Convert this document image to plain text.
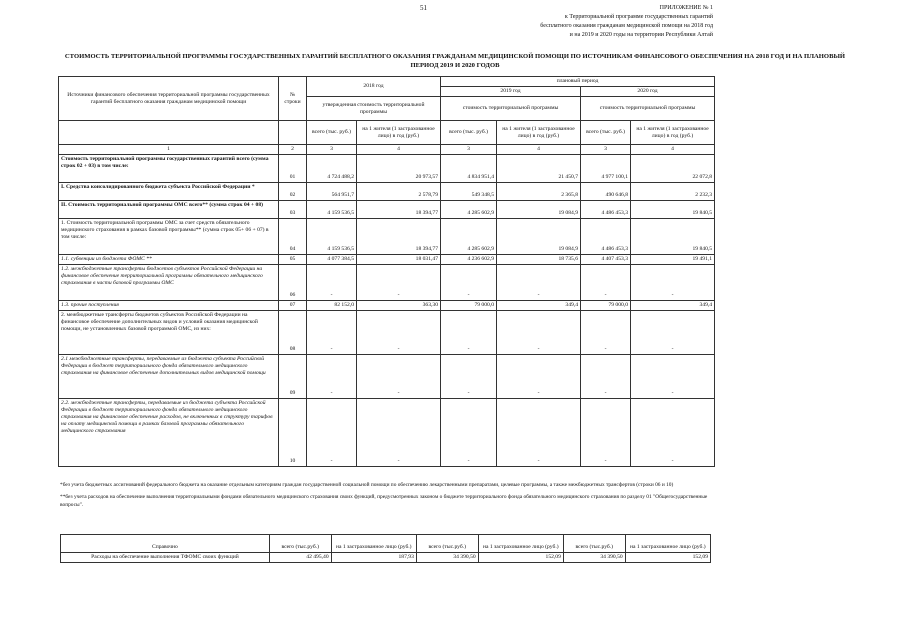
51	ПРИЛОЖЕНИЕ № 1
к Территориальной программе государственных гарантий
бесплатного оказания гражданам медицинской помощи на 2018 год
и на 2019 и 2020 годы на территории Республики Алтай
СТОИМОСТЬ ТЕРРИТОРИАЛЬНОЙ ПРОГРАММЫ ГОСУДАРСТВЕННЫХ ГАРАНТИЙ БЕСПЛАТНОГО ОКАЗАНИЯ ГРАЖДАНАМ МЕДИЦИНСКОЙ ПОМОЩИ ПО ИСТОЧНИКАМ ФИНАНСОВОГО ОБЕСПЕЧЕНИЯ НА 2018 ГОД И НА ПЛАНОВЫЙ ПЕРИОД 2019 И 2020 ГОДОВ
Источники финансового обеспечения территориальной программы государственных гарантий бесплатного оказания гражданам медицинской помощи	№ строки	2018 год		плановый период			
				2019 год		2020 год	
		утвержденная стоимость территориальной программы		стоимость территориальной программы		стоимость территориальной программы	
		всего (тыс. руб.)	на 1 жителя (1 застрахованное лицо) в год (руб.)	всего (тыс. руб.)	на 1 жителя (1 застрахованное лицо) в год (руб.)	всего (тыс. руб.)	на 1 жителя (1 застрахованное лицо) в год (руб.)
1	2	3	4	3	4	3	4
Стоимость территориальной программы государственных гарантий всего (сумма строк 02 + 03) в том числе:	01	4 724 488,2	20 973,57	4 834 951,4	21 450,7	4 977 100,1	22 072,8
I. Средства консолидированного бюджета субъекта Российской Федерации *	02	564 951,7	2 578,79	549 348,5	2 365,8	490 646,8	2 232,3
II. Стоимость территориальной программы ОМС всего** (сумма строк 04 + 08)	03	4 159 536,5	18 394,77	4 285 602,9	19 084,9	4 486 453,3	19 840,5
1. Стоимость территориальной программы ОМС за счет средств обязательного медицинского страхования в рамках базовой программы** (сумма строк 05+ 06 + 07) в том числе:	04	4 159 536,5	18 394,77	4 285 602,9	19 084,9	4 486 453,3	19 840,5
1.1. субвенции из бюджета ФОМС **	05	4 077 384,5	18 031,47	4 236 602,9	18 735,6	4 407 453,3	19 491,1
1.2. межбюджетные трансферты бюджетов субъектов Российской Федерации на финансовое обеспечение территориальной программы обязательного медицинского страхования в части базовой программы ОМС	06	-	-	-	-	-	-
1.3. прочие поступления	07	82 152,0	363,30	79 000,0	349,4	79 000,0	349,4
2. межбюджетные трансферты бюджетов субъектов Российской Федерации на финансовое обеспечение дополнительных видов и условий оказания медицинской помощи, не установленных базовой программой ОМС, из них:	08	-	-	-	-	-	-
2.1 межбюджетные трансферты, передаваемые из бюджета субъекта Российской Федерации в бюджет территориального фонда обязательного медицинского страхования на финансовое обеспечение дополнительных видов медицинской помощи	09	-	-	-	-	-	-
2.2. межбюджетные трансферты, передаваемые из бюджета субъекта Российской Федерации в бюджет территориального фонда обязательного медицинского страхования на финансовое обеспечение расходов, не включенных в структуру тарифов на оплату медицинской помощи в рамках базовой программы обязательного медицинского страхования	10	-	-	-	-	-	-

*без учета бюджетных ассигнований федерального бюджета на оказание отдельным категориям граждан государственной социальной помощи по обеспечению лекарственными препаратами, целевые программы, а также межбюджетных трансфертов (строки 06 и 10)

**без учета расходов на обеспечение выполнения территориальными фондами обязательного медицинского страхования своих функций, предусмотренных законом о бюджете территориального фонда обязательного медицинского страхования по разделу 01 "Общегосударственные вопросы".

Справочно	всего (тыс.руб.)	на 1 застрахованное лицо (руб.)	всего (тыс.руб.)	на 1 застрахованное лицо (руб.)	всего (тыс.руб.)	на 1 застрахованное лицо (руб.)
Расходы на обеспечение выполнения ТФОМС своих функций	42 495,40	187,93	34 390,50	152,09	34 390,50	152,09
